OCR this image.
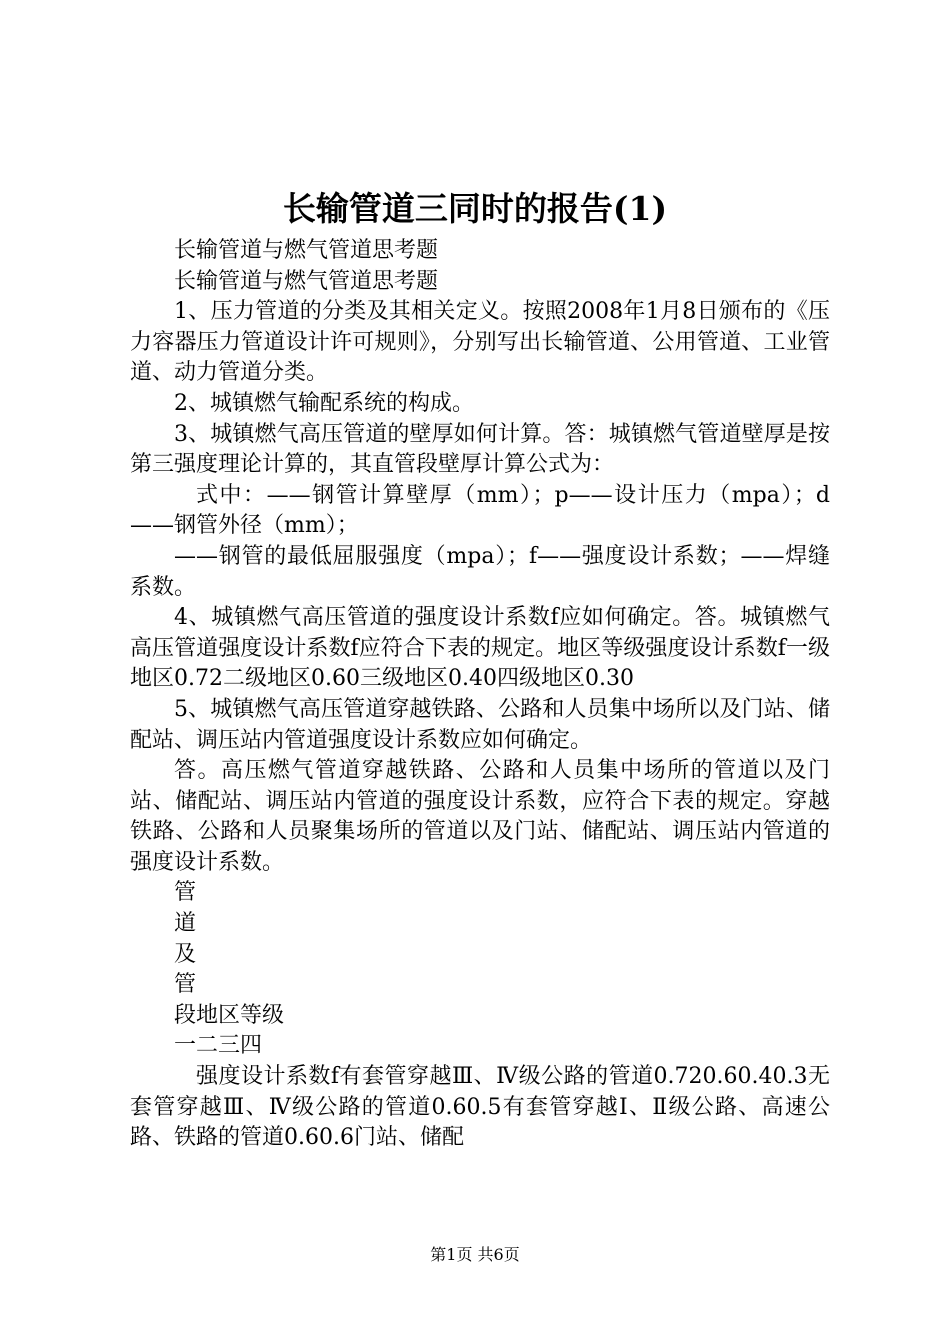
长输管道三同时的报告(1)

长输管道与燃气管道思考题

长输管道与燃气管道思考题

1、压力管道的分类及其相关定义。按照2008年1月8日颁布的《压力容器压力管道设计许可规则》，分别写出长输管道、公用管道、工业管道、动力管道分类。

2、城镇燃气输配系统的构成。

3、城镇燃气高压管道的壁厚如何计算。答：城镇燃气管道壁厚是按第三强度理论计算的，其直管段壁厚计算公式为：

式中：——钢管计算壁厚（mm）；p——设计压力（mpa）；d——钢管外径（mm）；

——钢管的最低屈服强度（mpa）；f——强度设计系数；——焊缝系数。

4、城镇燃气高压管道的强度设计系数f应如何确定。答。城镇燃气高压管道强度设计系数f应符合下表的规定。地区等级强度设计系数f一级地区0.72二级地区0.60三级地区0.40四级地区0.30

5、城镇燃气高压管道穿越铁路、公路和人员集中场所以及门站、储配站、调压站内管道强度设计系数应如何确定。

答。高压燃气管道穿越铁路、公路和人员集中场所的管道以及门站、储配站、调压站内管道的强度设计系数，应符合下表的规定。穿越铁路、公路和人员聚集场所的管道以及门站、储配站、调压站内管道的强度设计系数。

管

道

及

管

段地区等级

一二三四

强度设计系数f有套管穿越Ⅲ、Ⅳ级公路的管道0.720.60.40.3无套管穿越Ⅲ、Ⅳ级公路的管道0.60.5有套管穿越Ⅰ、Ⅱ级公路、高速公路、铁路的管道0.60.6门站、储配

第1页 共6页
